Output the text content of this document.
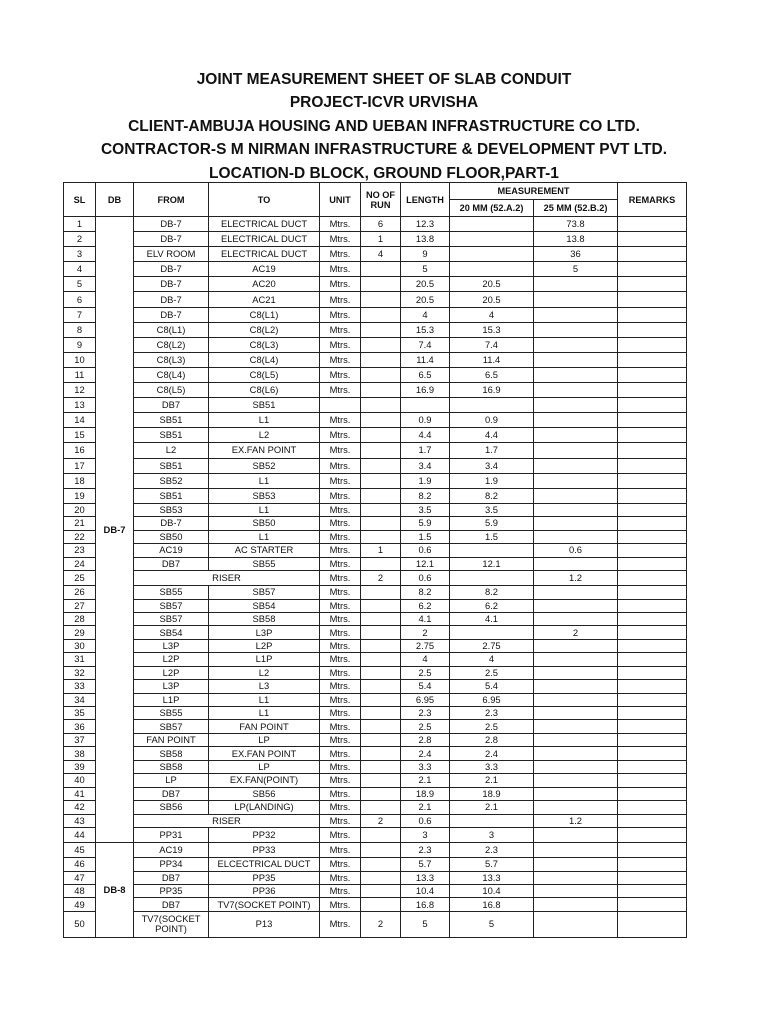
JOINT MEASUREMENT SHEET OF SLAB CONDUIT
PROJECT-ICVR URVISHA
CLIENT-AMBUJA HOUSING AND UEBAN INFRASTRUCTURE CO LTD.
CONTRACTOR-S M NIRMAN INFRASTRUCTURE & DEVELOPMENT PVT LTD.
LOCATION-D BLOCK, GROUND FLOOR,PART-1
SL	DB	FROM	TO	UNIT	NO OF RUN	LENGTH	MEASUREMENT		REMARKS
							20 MM (52.A.2)	25 MM (52.B.2)	
1	DB-7	DB-7	ELECTRICAL DUCT	Mtrs.	6	12.3		73.8	
2		DB-7	ELECTRICAL DUCT	Mtrs.	1	13.8		13.8	
3		ELV ROOM	ELECTRICAL DUCT	Mtrs.	4	9		36	
4		DB-7	AC19	Mtrs.		5		5	
5		DB-7	AC20	Mtrs.		20.5	20.5		
6		DB-7	AC21	Mtrs.		20.5	20.5		
7		DB-7	C8(L1)	Mtrs.		4	4		
8		C8(L1)	C8(L2)	Mtrs.		15.3	15.3		
9		C8(L2)	C8(L3)	Mtrs.		7.4	7.4		
10		C8(L3)	C8(L4)	Mtrs.		11.4	11.4		
11		C8(L4)	C8(L5)	Mtrs.		6.5	6.5		
12		C8(L5)	C8(L6)	Mtrs.		16.9	16.9		
13		DB7	SB51						
14		SB51	L1	Mtrs.		0.9	0.9		
15		SB51	L2	Mtrs.		4.4	4.4		
16		L2	EX.FAN POINT	Mtrs.		1.7	1.7		
17		SB51	SB52	Mtrs.		3.4	3.4		
18		SB52	L1	Mtrs.		1.9	1.9		
19		SB51	SB53	Mtrs.		8.2	8.2		
20		SB53	L1	Mtrs.		3.5	3.5		
21		DB-7	SB50	Mtrs.		5.9	5.9		
22		SB50	L1	Mtrs.		1.5	1.5		
23		AC19	AC STARTER	Mtrs.	1	0.6		0.6	
24		DB7	SB55	Mtrs.		12.1	12.1		
25		RISER		Mtrs.	2	0.6		1.2	
26		SB55	SB57	Mtrs.		8.2	8.2		
27		SB57	SB54	Mtrs.		6.2	6.2		
28		SB57	SB58	Mtrs.		4.1	4.1		
29		SB54	L3P	Mtrs.		2		2	
30		L3P	L2P	Mtrs.		2.75	2.75		
31		L2P	L1P	Mtrs.		4	4		
32		L2P	L2	Mtrs.		2.5	2.5		
33		L3P	L3	Mtrs.		5.4	5.4		
34		L1P	L1	Mtrs.		6.95	6.95		
35		SB55	L1	Mtrs.		2.3	2.3		
36		SB57	FAN POINT	Mtrs.		2.5	2.5		
37		FAN POINT	LP	Mtrs.		2.8	2.8		
38		SB58	EX.FAN POINT	Mtrs.		2.4	2.4		
39		SB58	LP	Mtrs.		3.3	3.3		
40		LP	EX.FAN(POINT)	Mtrs.		2.1	2.1		
41		DB7	SB56	Mtrs.		18.9	18.9		
42		SB56	LP(LANDING)	Mtrs.		2.1	2.1		
43		RISER		Mtrs.	2	0.6		1.2	
44		PP31	PP32	Mtrs.		3	3		
45	DB-8	AC19	PP33	Mtrs.		2.3	2.3		
46		PP34	ELCECTRICAL DUCT	Mtrs.		5.7	5.7		
47		DB7	PP35	Mtrs.		13.3	13.3		
48		PP35	PP36	Mtrs.		10.4	10.4		
49		DB7	TV7(SOCKET POINT)	Mtrs.		16.8	16.8		
50		TV7(SOCKET POINT)	P13	Mtrs.	2	5	5		
